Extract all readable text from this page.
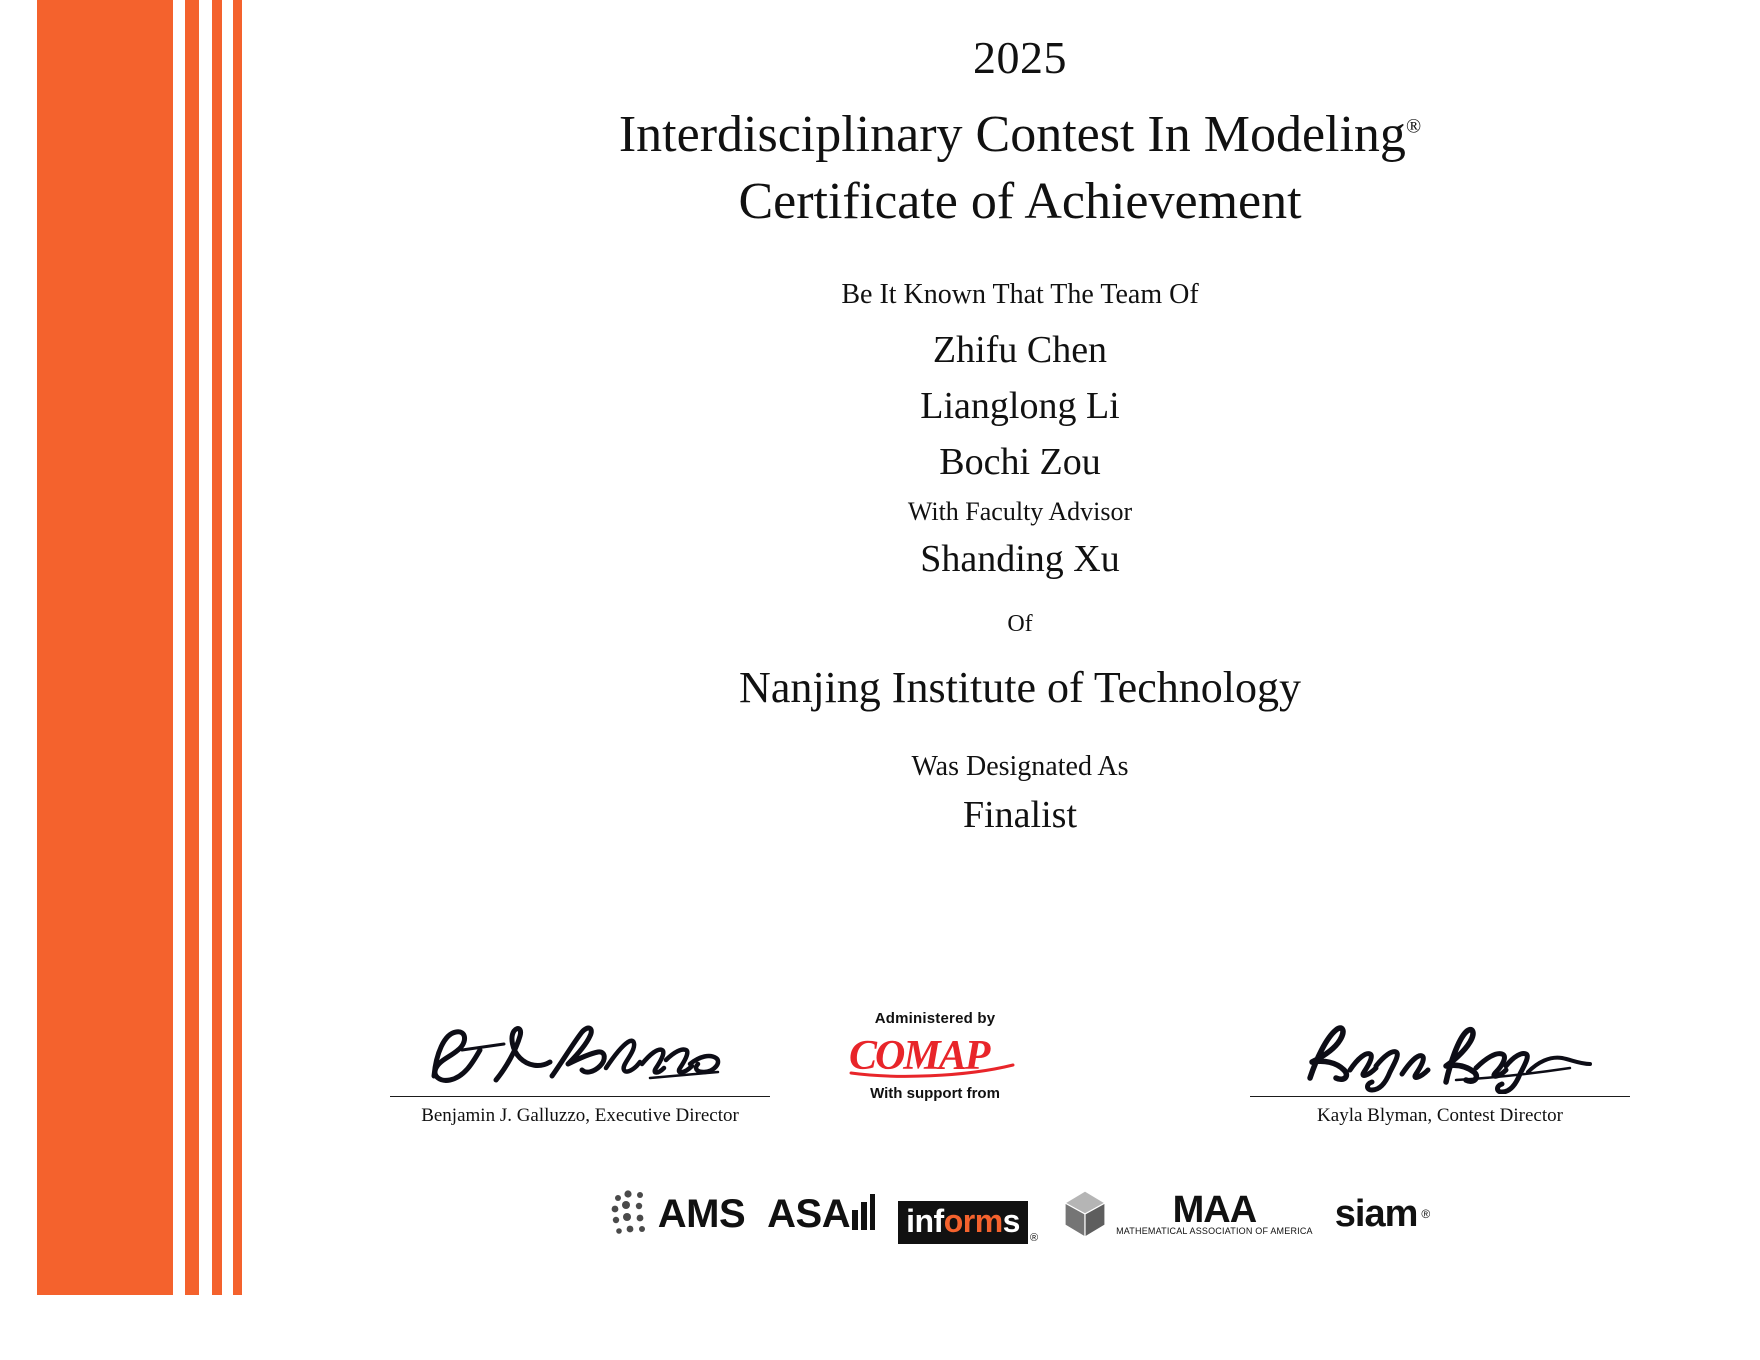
2025
Interdisciplinary Contest In Modeling®
Certificate of Achievement
Be It Known That The Team Of
Zhifu Chen
Lianglong Li
Bochi Zou
With Faculty Advisor
Shanding Xu
Of
Nanjing Institute of Technology
Was Designated As
Finalist
Benjamin J. Galluzzo, Executive Director	Kayla Blyman, Contest Director
Administered by
COMAP
With support from
AMS ASA informs ®
MAA
MATHEMATICAL ASSOCIATION OF AMERICA siam ®
